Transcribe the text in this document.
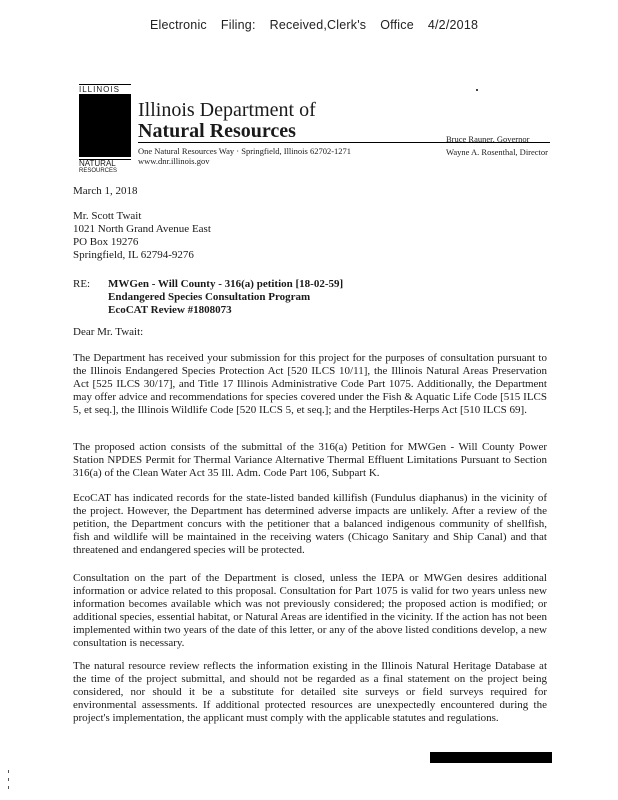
Electronic Filing: Received,Clerk's Office 4/2/2018
ILLINOIS
NATURAL
RESOURCES
Illinois Department of
Natural Resources
One Natural Resources Way · Springfield, Illinois 62702-1271
www.dnr.illinois.gov
Bruce Rauner, Governor
Wayne A. Rosenthal, Director
March 1, 2018
Mr. Scott Twait
1021 North Grand Avenue East
PO Box 19276
Springfield, IL 62794-9276
RE: MWGen - Will County - 316(a) petition [18-02-59]
Endangered Species Consultation Program
EcoCAT Review #1808073
Dear Mr. Twait:
The Department has received your submission for this project for the purposes of consultation pursuant to the Illinois Endangered Species Protection Act [520 ILCS 10/11], the Illinois Natural Areas Preservation Act [525 ILCS 30/17], and Title 17 Illinois Administrative Code Part 1075. Additionally, the Department may offer advice and recommendations for species covered under the Fish & Aquatic Life Code [515 ILCS 5, et seq.], the Illinois Wildlife Code [520 ILCS 5, et seq.]; and the Herptiles-Herps Act [510 ILCS 69].
The proposed action consists of the submittal of the 316(a) Petition for MWGen - Will County Power Station NPDES Permit for Thermal Variance Alternative Thermal Effluent Limitations Pursuant to Section 316(a) of the Clean Water Act 35 Ill. Adm. Code Part 106, Subpart K.
EcoCAT has indicated records for the state-listed banded killifish (Fundulus diaphanus) in the vicinity of the project. However, the Department has determined adverse impacts are unlikely. After a review of the petition, the Department concurs with the petitioner that a balanced indigenous community of shellfish, fish and wildlife will be maintained in the receiving waters (Chicago Sanitary and Ship Canal) and that threatened and endangered species will be protected.
Consultation on the part of the Department is closed, unless the IEPA or MWGen desires additional information or advice related to this proposal. Consultation for Part 1075 is valid for two years unless new information becomes available which was not previously considered; the proposed action is modified; or additional species, essential habitat, or Natural Areas are identified in the vicinity. If the action has not been implemented within two years of the date of this letter, or any of the above listed conditions develop, a new consultation is necessary.
The natural resource review reflects the information existing in the Illinois Natural Heritage Database at the time of the project submittal, and should not be regarded as a final statement on the project being considered, nor should it be a substitute for detailed site surveys or field surveys required for environmental assessments. If additional protected resources are unexpectedly encountered during the project's implementation, the applicant must comply with the applicable statutes and regulations.
